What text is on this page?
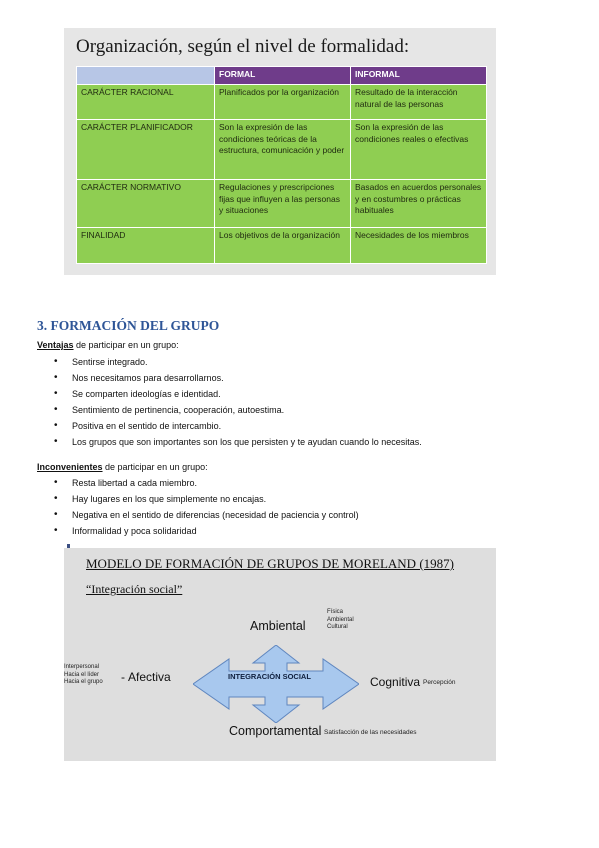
Organización, según el nivel de formalidad:
	FORMAL	INFORMAL
CARÁCTER RACIONAL	Planificados por la organización	Resultado de la interacción natural de las personas
CARÁCTER PLANIFICADOR	Son la expresión de las condiciones teóricas de la estructura, comunicación y poder	Son la expresión de las condiciones reales o efectivas
CARÁCTER NORMATIVO	Regulaciones y prescripciones fijas que influyen a las personas y situaciones	Basados en acuerdos personales y en costumbres o prácticas habituales
FINALIDAD	Los objetivos de la organización	Necesidades de los miembros
3. FORMACIÓN DEL GRUPO
Ventajas de participar en un grupo:
• Sentirse integrado.
• Nos necesitamos para desarrollarnos.
• Se comparten ideologías e identidad.
• Sentimiento de pertinencia, cooperación, autoestima.
• Positiva en el sentido de intercambio.
• Los grupos que son importantes son los que persisten y te ayudan cuando lo necesitas.
Inconvenientes de participar en un grupo:
• Resta libertad a cada miembro.
• Hay lugares en los que simplemente no encajas.
• Negativa en el sentido de diferencias (necesidad de paciencia y control)
• Informalidad y poca solidaridad
MODELO DE FORMACIÓN DE GRUPOS DE MORELAND (1987)
“Integración social”
INTEGRACIÓN SOCIAL
Ambiental
Física
Ambiental
Cultural
Interpersonal
Hacia el líder
Hacia el grupo - Afectiva	Cognitiva Percepción
Comportamental Satisfacción de las necesidades
